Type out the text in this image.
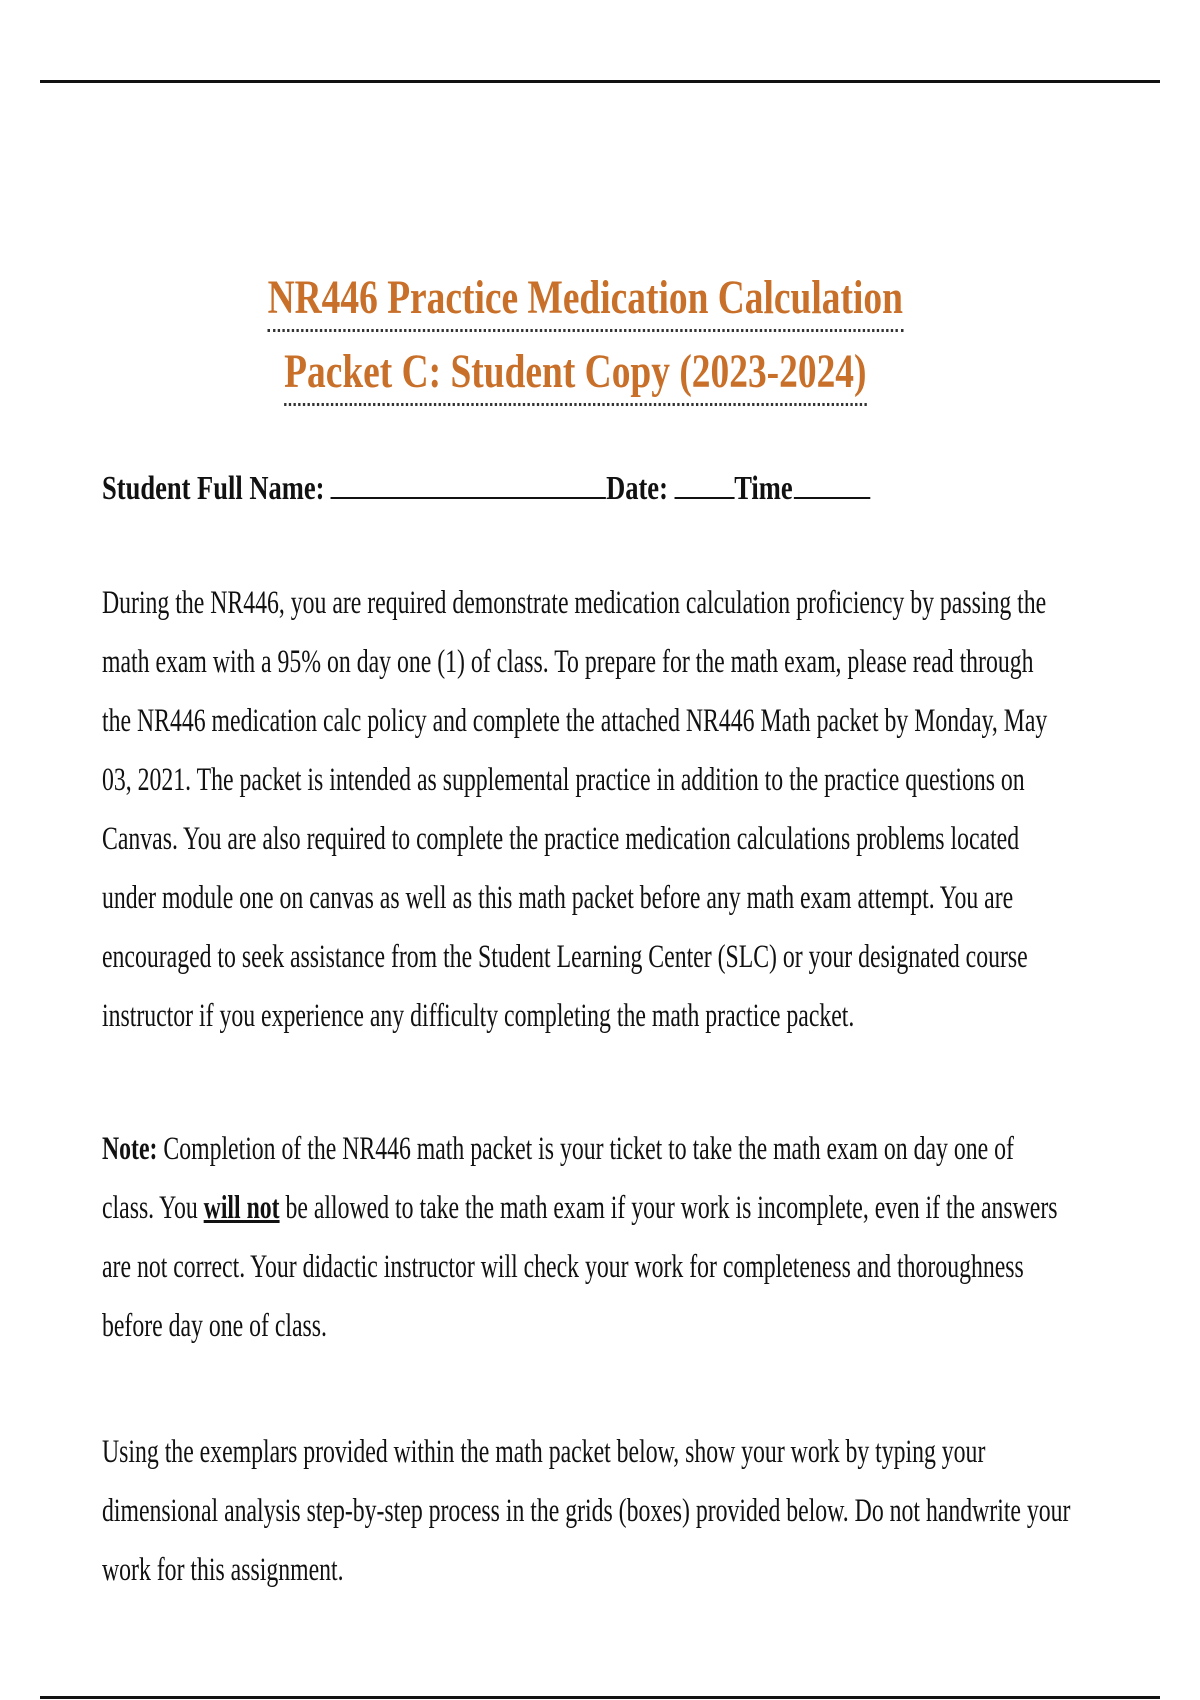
NR446 Practice Medication Calculation
Packet C: Student Copy (2023-2024)
Student Full Name:	Date: Time

During the NR446, you are required demonstrate medication calculation proficiency by passing the
math exam with a 95% on day one (1) of class. To prepare for the math exam, please read through
the NR446 medication calc policy and complete the attached NR446 Math packet by Monday, May
03, 2021. The packet is intended as supplemental practice in addition to the practice questions on
Canvas. You are also required to complete the practice medication calculations problems located
under module one on canvas as well as this math packet before any math exam attempt. You are
encouraged to seek assistance from the Student Learning Center (SLC) or your designated course
instructor if you experience any difficulty completing the math practice packet.

Note: Completion of the NR446 math packet is your ticket to take the math exam on day one of
class. You will not be allowed to take the math exam if your work is incomplete, even if the answers
are not correct. Your didactic instructor will check your work for completeness and thoroughness
before day one of class.

Using the exemplars provided within the math packet below, show your work by typing your
dimensional analysis step-by-step process in the grids (boxes) provided below. Do not handwrite your
work for this assignment.
